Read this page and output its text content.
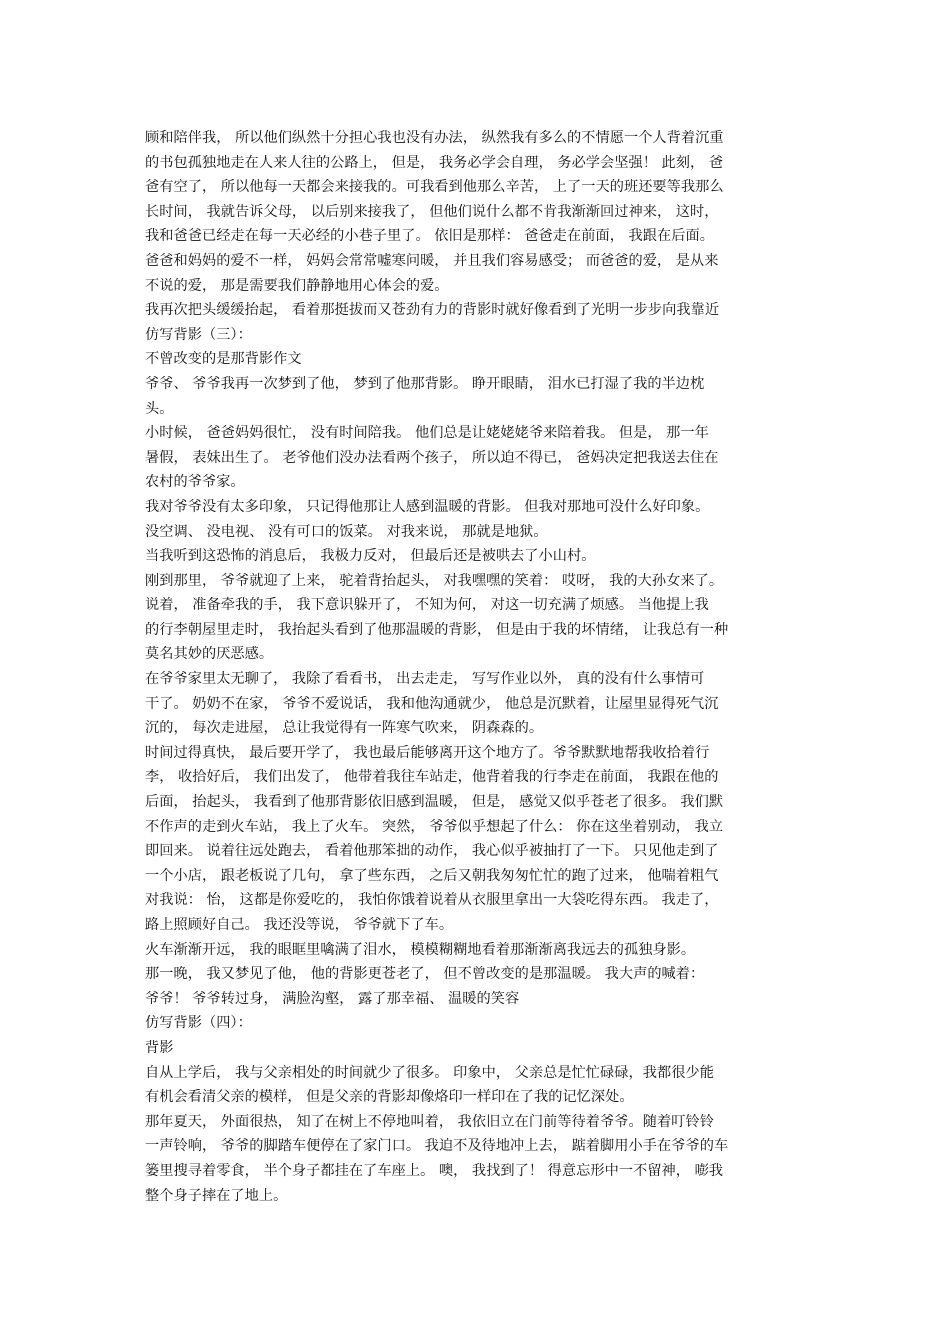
顾和陪伴我， 所以他们纵然十分担心我也没有办法， 纵然我有多么的不情愿一个人背着沉重
的书包孤独地走在人来人往的公路上， 但是， 我务必学会自理， 务必学会坚强！ 此刻， 爸
爸有空了， 所以他每一天都会来接我的。可我看到他那么辛苦， 上了一天的班还要等我那么
长时间， 我就告诉父母， 以后别来接我了， 但他们说什么都不肯我渐渐回过神来， 这时，
我和爸爸已经走在每一天必经的小巷子里了。 依旧是那样： 爸爸走在前面， 我跟在后面。
爸爸和妈妈的爱不一样， 妈妈会常常嘘寒问暖， 并且我们容易感受； 而爸爸的爱， 是从来
不说的爱， 那是需要我们静静地用心体会的爱。
我再次把头缓缓抬起， 看着那挺拔而又苍劲有力的背影时就好像看到了光明一步步向我靠近
仿写背影（三）：
不曾改变的是那背影作文
爷爷、 爷爷我再一次梦到了他， 梦到了他那背影。 睁开眼睛， 泪水已打湿了我的半边枕
头。
小时候， 爸爸妈妈很忙， 没有时间陪我。 他们总是让姥姥姥爷来陪着我。 但是， 那一年
暑假， 表妹出生了。 老爷他们没办法看两个孩子， 所以迫不得已， 爸妈决定把我送去住在
农村的爷爷家。
我对爷爷没有太多印象， 只记得他那让人感到温暖的背影。 但我对那地可没什么好印象。
没空调、 没电视、 没有可口的饭菜。 对我来说， 那就是地狱。
当我听到这恐怖的消息后， 我极力反对， 但最后还是被哄去了小山村。
刚到那里， 爷爷就迎了上来， 驼着背抬起头， 对我嘿嘿的笑着： 哎呀， 我的大孙女来了。
说着， 准备牵我的手， 我下意识躲开了， 不知为何， 对这一切充满了烦感。 当他提上我
的行李朝屋里走时， 我抬起头看到了他那温暖的背影， 但是由于我的坏情绪， 让我总有一种
莫名其妙的厌恶感。
在爷爷家里太无聊了， 我除了看看书， 出去走走， 写写作业以外， 真的没有什么事情可
干了。 奶奶不在家， 爷爷不爱说话， 我和他沟通就少， 他总是沉默着，让屋里显得死气沉
沉的， 每次走进屋， 总让我觉得有一阵寒气吹来， 阴森森的。
时间过得真快， 最后要开学了， 我也最后能够离开这个地方了。爷爷默默地帮我收拾着行
李， 收拾好后， 我们出发了， 他带着我往车站走，他背着我的行李走在前面， 我跟在他的
后面， 抬起头， 我看到了他那背影依旧感到温暖， 但是， 感觉又似乎苍老了很多。 我们默
不作声的走到火车站， 我上了火车。 突然， 爷爷似乎想起了什么： 你在这坐着别动， 我立
即回来。 说着往远处跑去， 看着他那笨拙的动作， 我心似乎被抽打了一下。 只见他走到了
一个小店， 跟老板说了几句， 拿了些东西， 之后又朝我匆匆忙忙的跑了过来， 他喘着粗气
对我说： 怡， 这都是你爱吃的， 我怕你饿着说着从衣服里拿出一大袋吃得东西。 我走了，
路上照顾好自己。 我还没等说， 爷爷就下了车。
火车渐渐开远， 我的眼眶里噙满了泪水， 模模糊糊地看着那渐渐离我远去的孤独身影。
那一晚， 我又梦见了他， 他的背影更苍老了， 但不曾改变的是那温暖。 我大声的喊着：
爷爷！ 爷爷转过身， 满脸沟壑， 露了那幸福、 温暖的笑容
仿写背影（四）：
背影
自从上学后， 我与父亲相处的时间就少了很多。 印象中， 父亲总是忙忙碌碌，我都很少能
有机会看清父亲的模样， 但是父亲的背影却像烙印一样印在了我的记忆深处。
那年夏天， 外面很热， 知了在树上不停地叫着， 我依旧立在门前等待着爷爷。随着叮铃铃
一声铃响， 爷爷的脚踏车便停在了家门口。 我迫不及待地冲上去， 踮着脚用小手在爷爷的车
篓里搜寻着零食， 半个身子都挂在了车座上。 噢， 我找到了！ 得意忘形中一不留神， 嘭我
整个身子摔在了地上。
